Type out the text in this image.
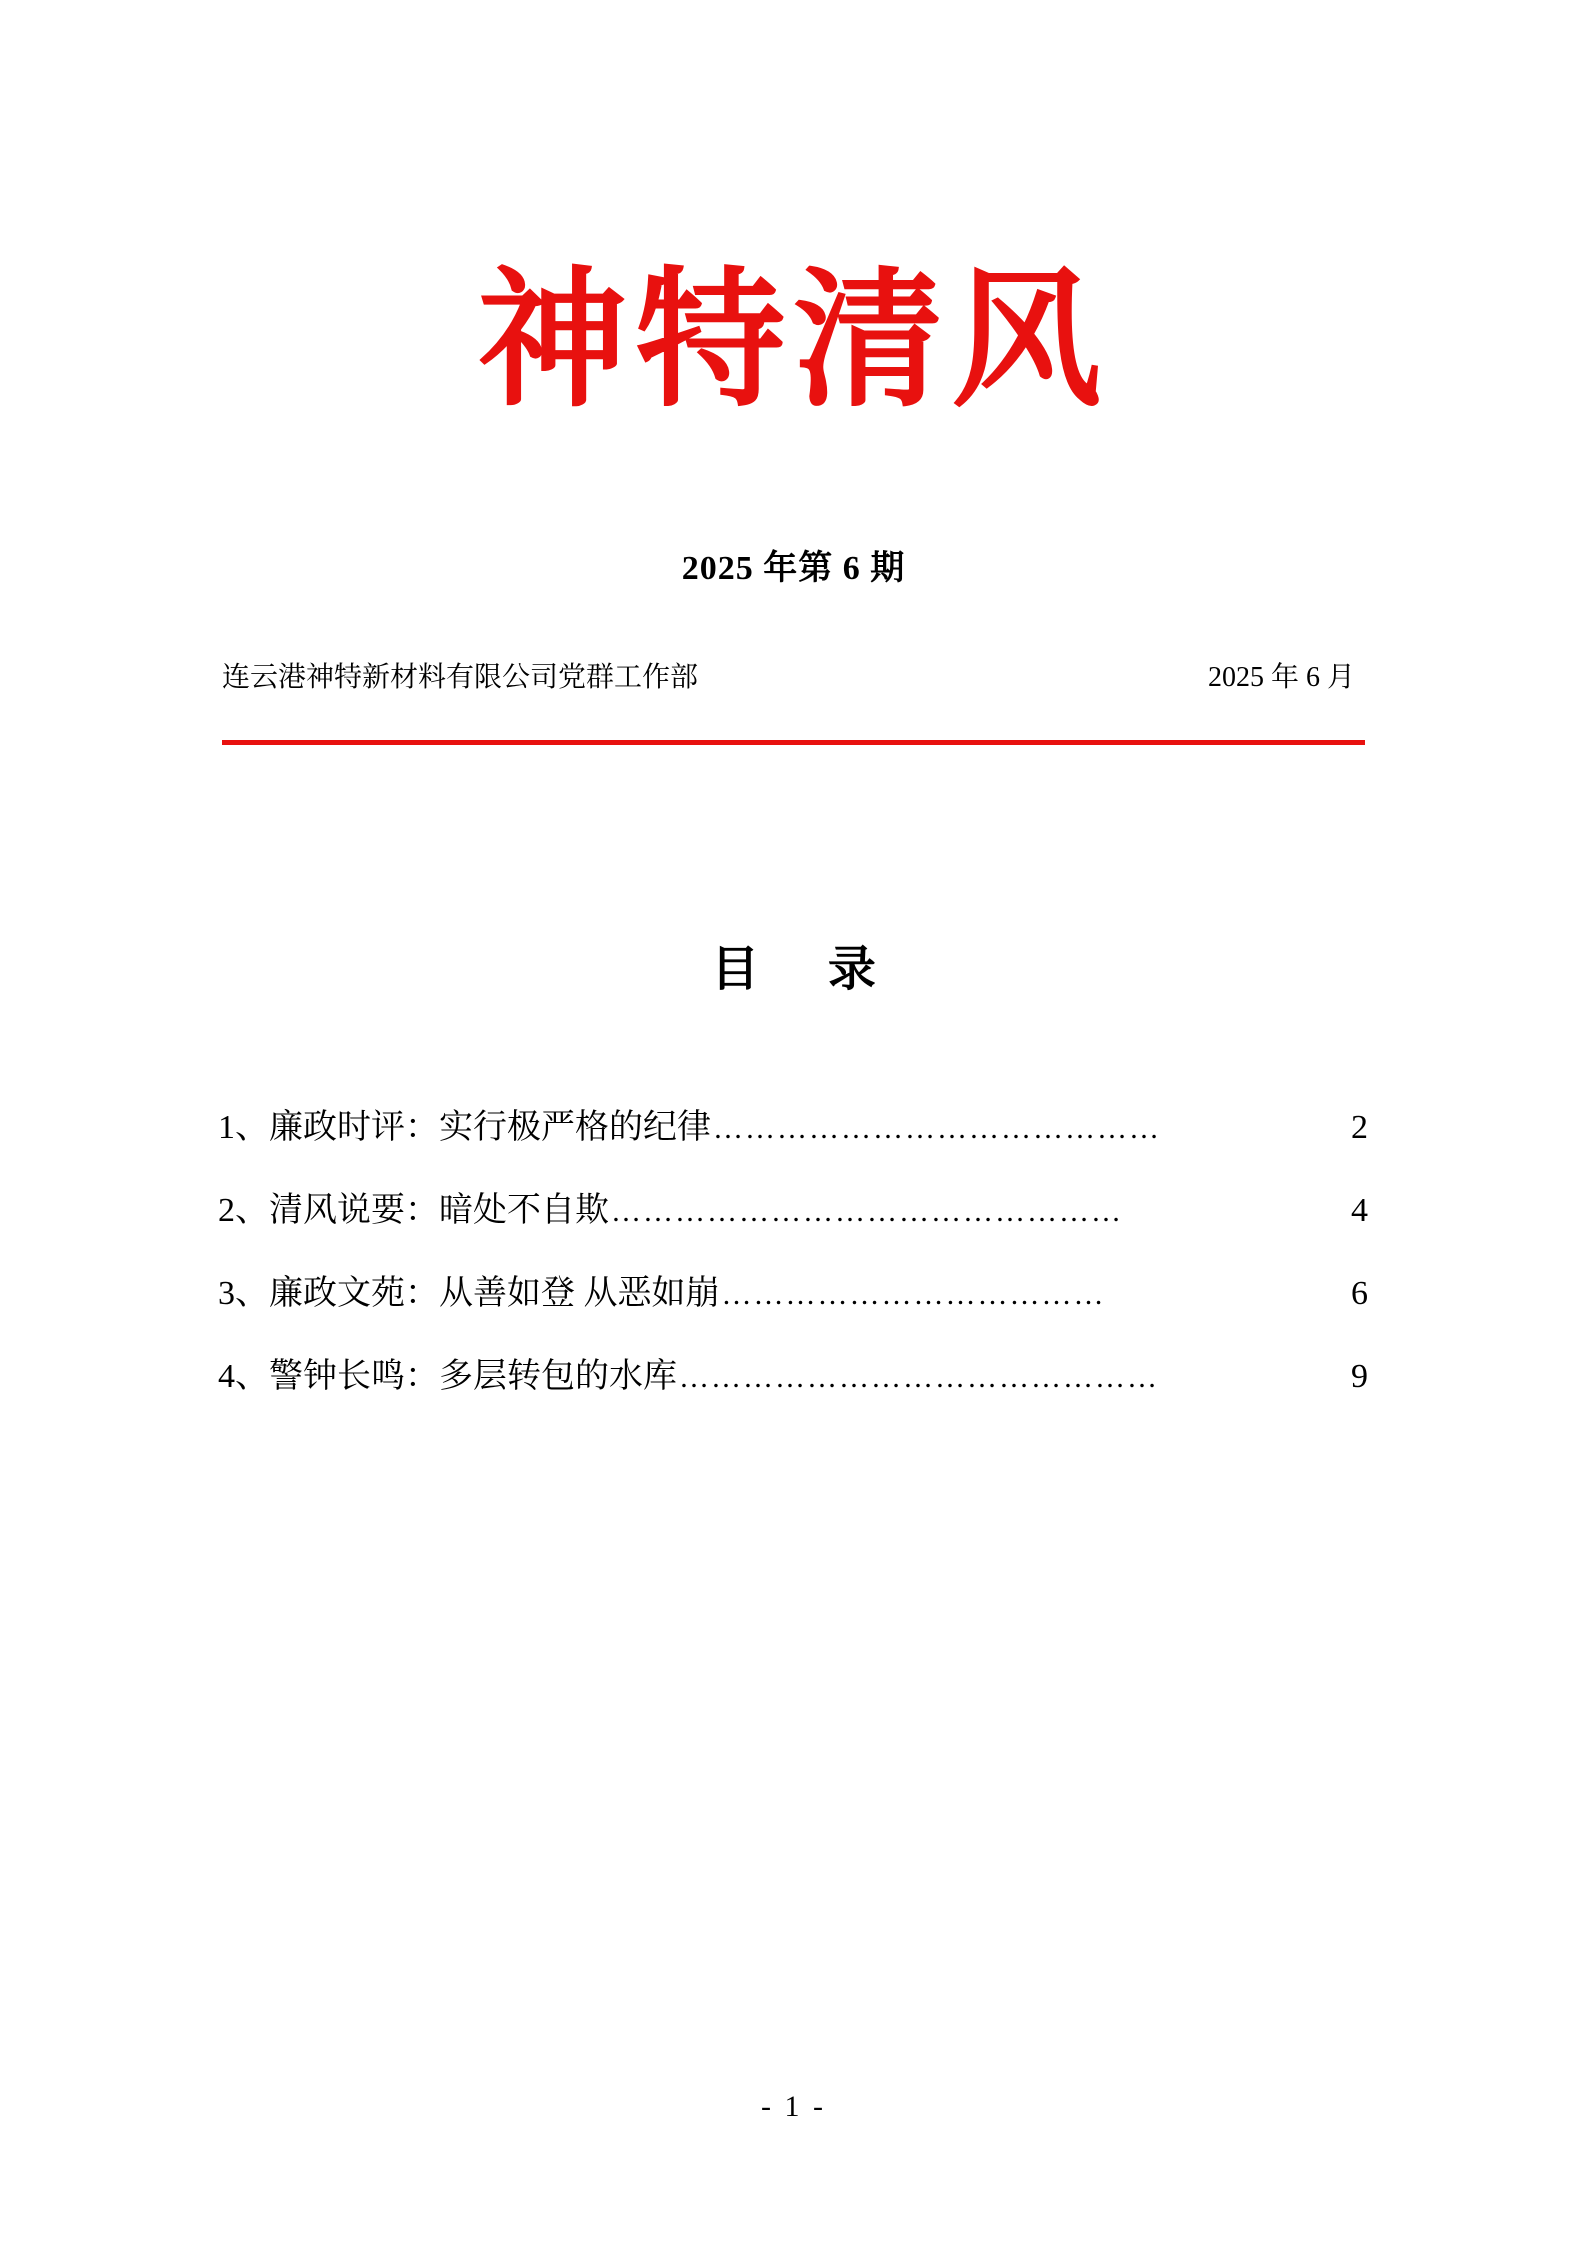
神特清风
2025 年第 6 期
连云港神特新材料有限公司党群工作部	2025 年 6 月
目 录
1、廉政时评：实行极严格的纪律 ……………………………………	2
2、清风说要：暗处不自欺 …………………………………………	4
3、廉政文苑：从善如登 从恶如崩 ………………………………	6
4、警钟长鸣：多层转包的水库 ………………………………………	9
- 1 -
